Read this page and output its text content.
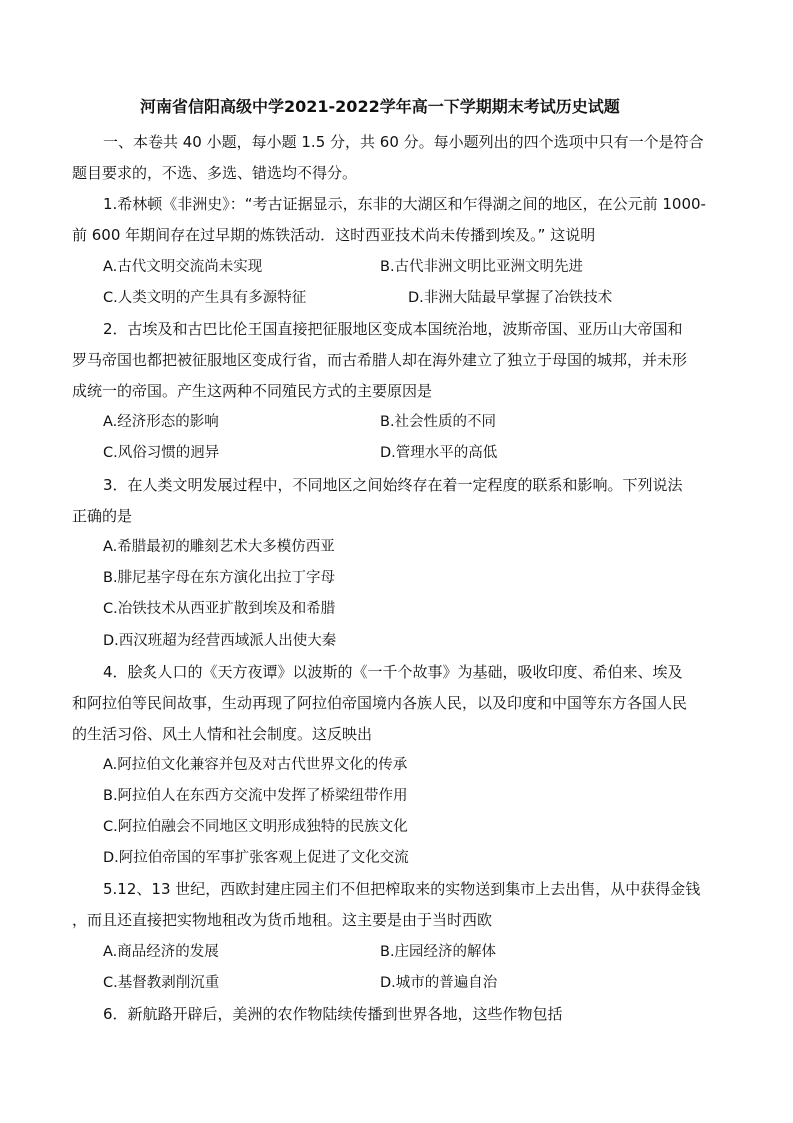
河南省信阳高级中学2021-2022学年高一下学期期末考试历史试题
一、本卷共 40 小题，每小题 1.5 分，共 60 分。每小题列出的四个选项中只有一个是符合
题目要求的，不选、多选、错选均不得分。
1.希林顿《非洲史》：“考古证据显示，东非的大湖区和乍得湖之间的地区，在公元前 1000-
前 600 年期间存在过早期的炼铁活动．这时西亚技术尚未传播到埃及。” 这说明
A.古代文明交流尚未实现	B.古代非洲文明比亚洲文明先进
C.人类文明的产生具有多源特征	D.非洲大陆最早掌握了冶铁技术
2．古埃及和古巴比伦王国直接把征服地区变成本国统治地，波斯帝国、亚历山大帝国和
罗马帝国也都把被征服地区变成行省，而古希腊人却在海外建立了独立于母国的城邦，并未形
成统一的帝国。产生这两种不同殖民方式的主要原因是
A.经济形态的影响	B.社会性质的不同
C.风俗习惯的迥异	D.管理水平的高低
3．在人类文明发展过程中，不同地区之间始终存在着一定程度的联系和影响。下列说法
正确的是
A.希腊最初的雕刻艺术大多模仿西亚
B.腓尼基字母在东方演化出拉丁字母
C.冶铁技术从西亚扩散到埃及和希腊
D.西汉班超为经营西域派人出使大秦
4．脍炙人口的《天方夜谭》以波斯的《一千个故事》为基础，吸收印度、希伯来、埃及
和阿拉伯等民间故事，生动再现了阿拉伯帝国境内各族人民，以及印度和中国等东方各国人民
的生活习俗、风土人情和社会制度。这反映出
A.阿拉伯文化兼容并包及对古代世界文化的传承
B.阿拉伯人在东西方交流中发挥了桥梁纽带作用
C.阿拉伯融会不同地区文明形成独特的民族文化
D.阿拉伯帝国的军事扩张客观上促进了文化交流
5.12、13 世纪，西欧封建庄园主们不但把榨取来的实物送到集市上去出售，从中获得金钱
，而且还直接把实物地租改为货币地租。这主要是由于当时西欧
A.商品经济的发展	B.庄园经济的解体
C.基督教剥削沉重	D.城市的普遍自治
6．新航路开辟后，美洲的农作物陆续传播到世界各地，这些作物包括
